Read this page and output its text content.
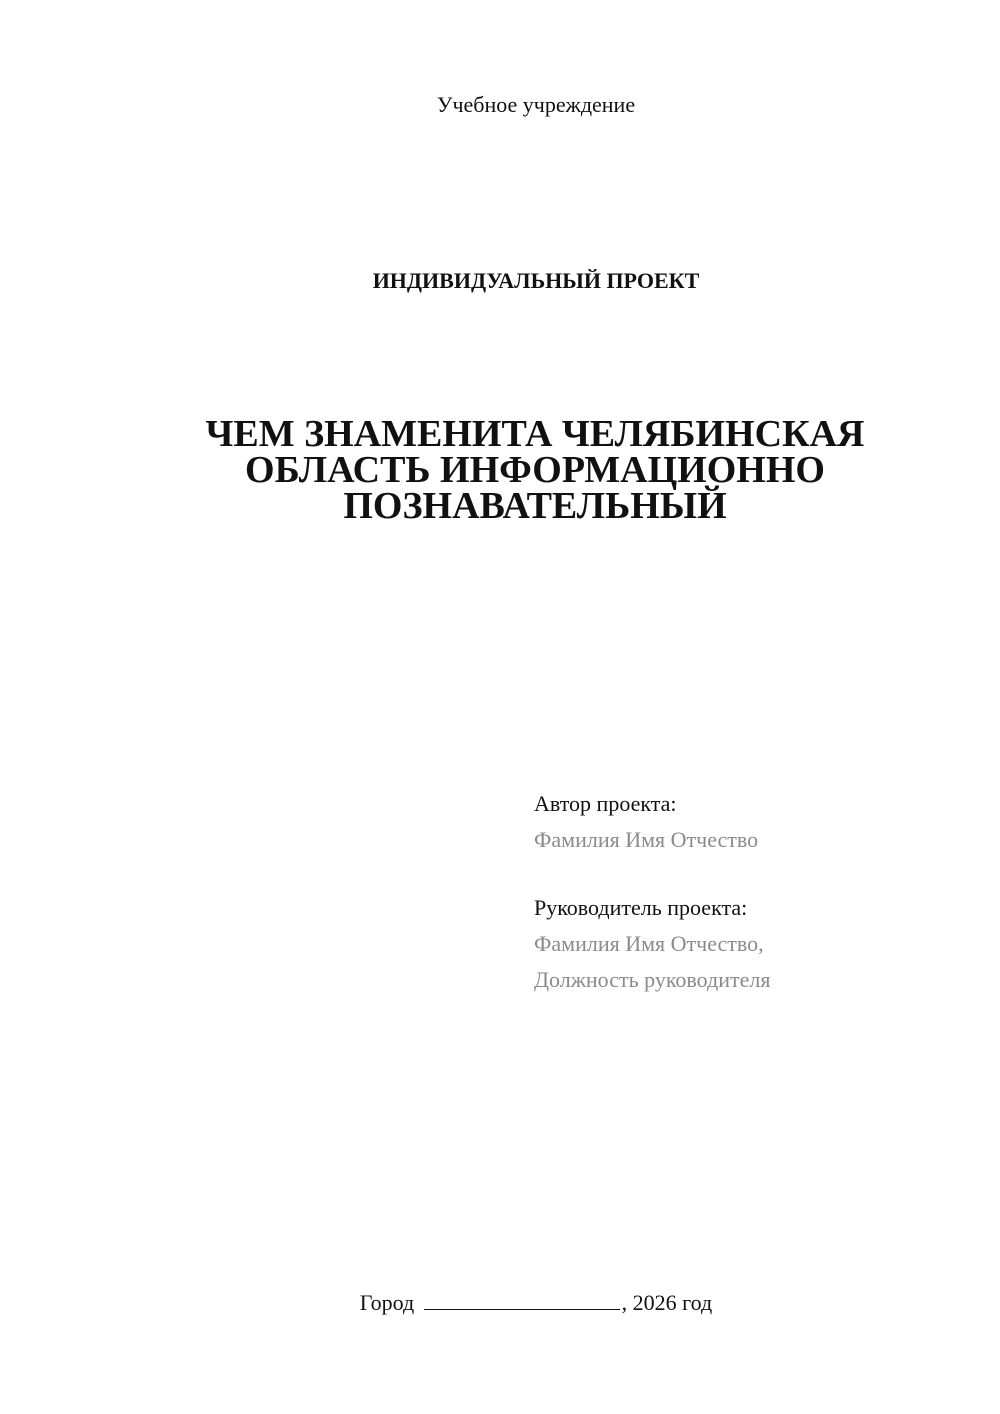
Учебное учреждение
ИНДИВИДУАЛЬНЫЙ ПРОЕКТ
ЧЕМ ЗНАМЕНИТА ЧЕЛЯБИНСКАЯ
ОБЛАСТЬ ИНФОРМАЦИОННО
ПОЗНАВАТЕЛЬНЫЙ
Автор проекта:
Фамилия Имя Отчество
Руководитель проекта:
Фамилия Имя Отчество,
Должность руководителя
Город	, 2026 год
